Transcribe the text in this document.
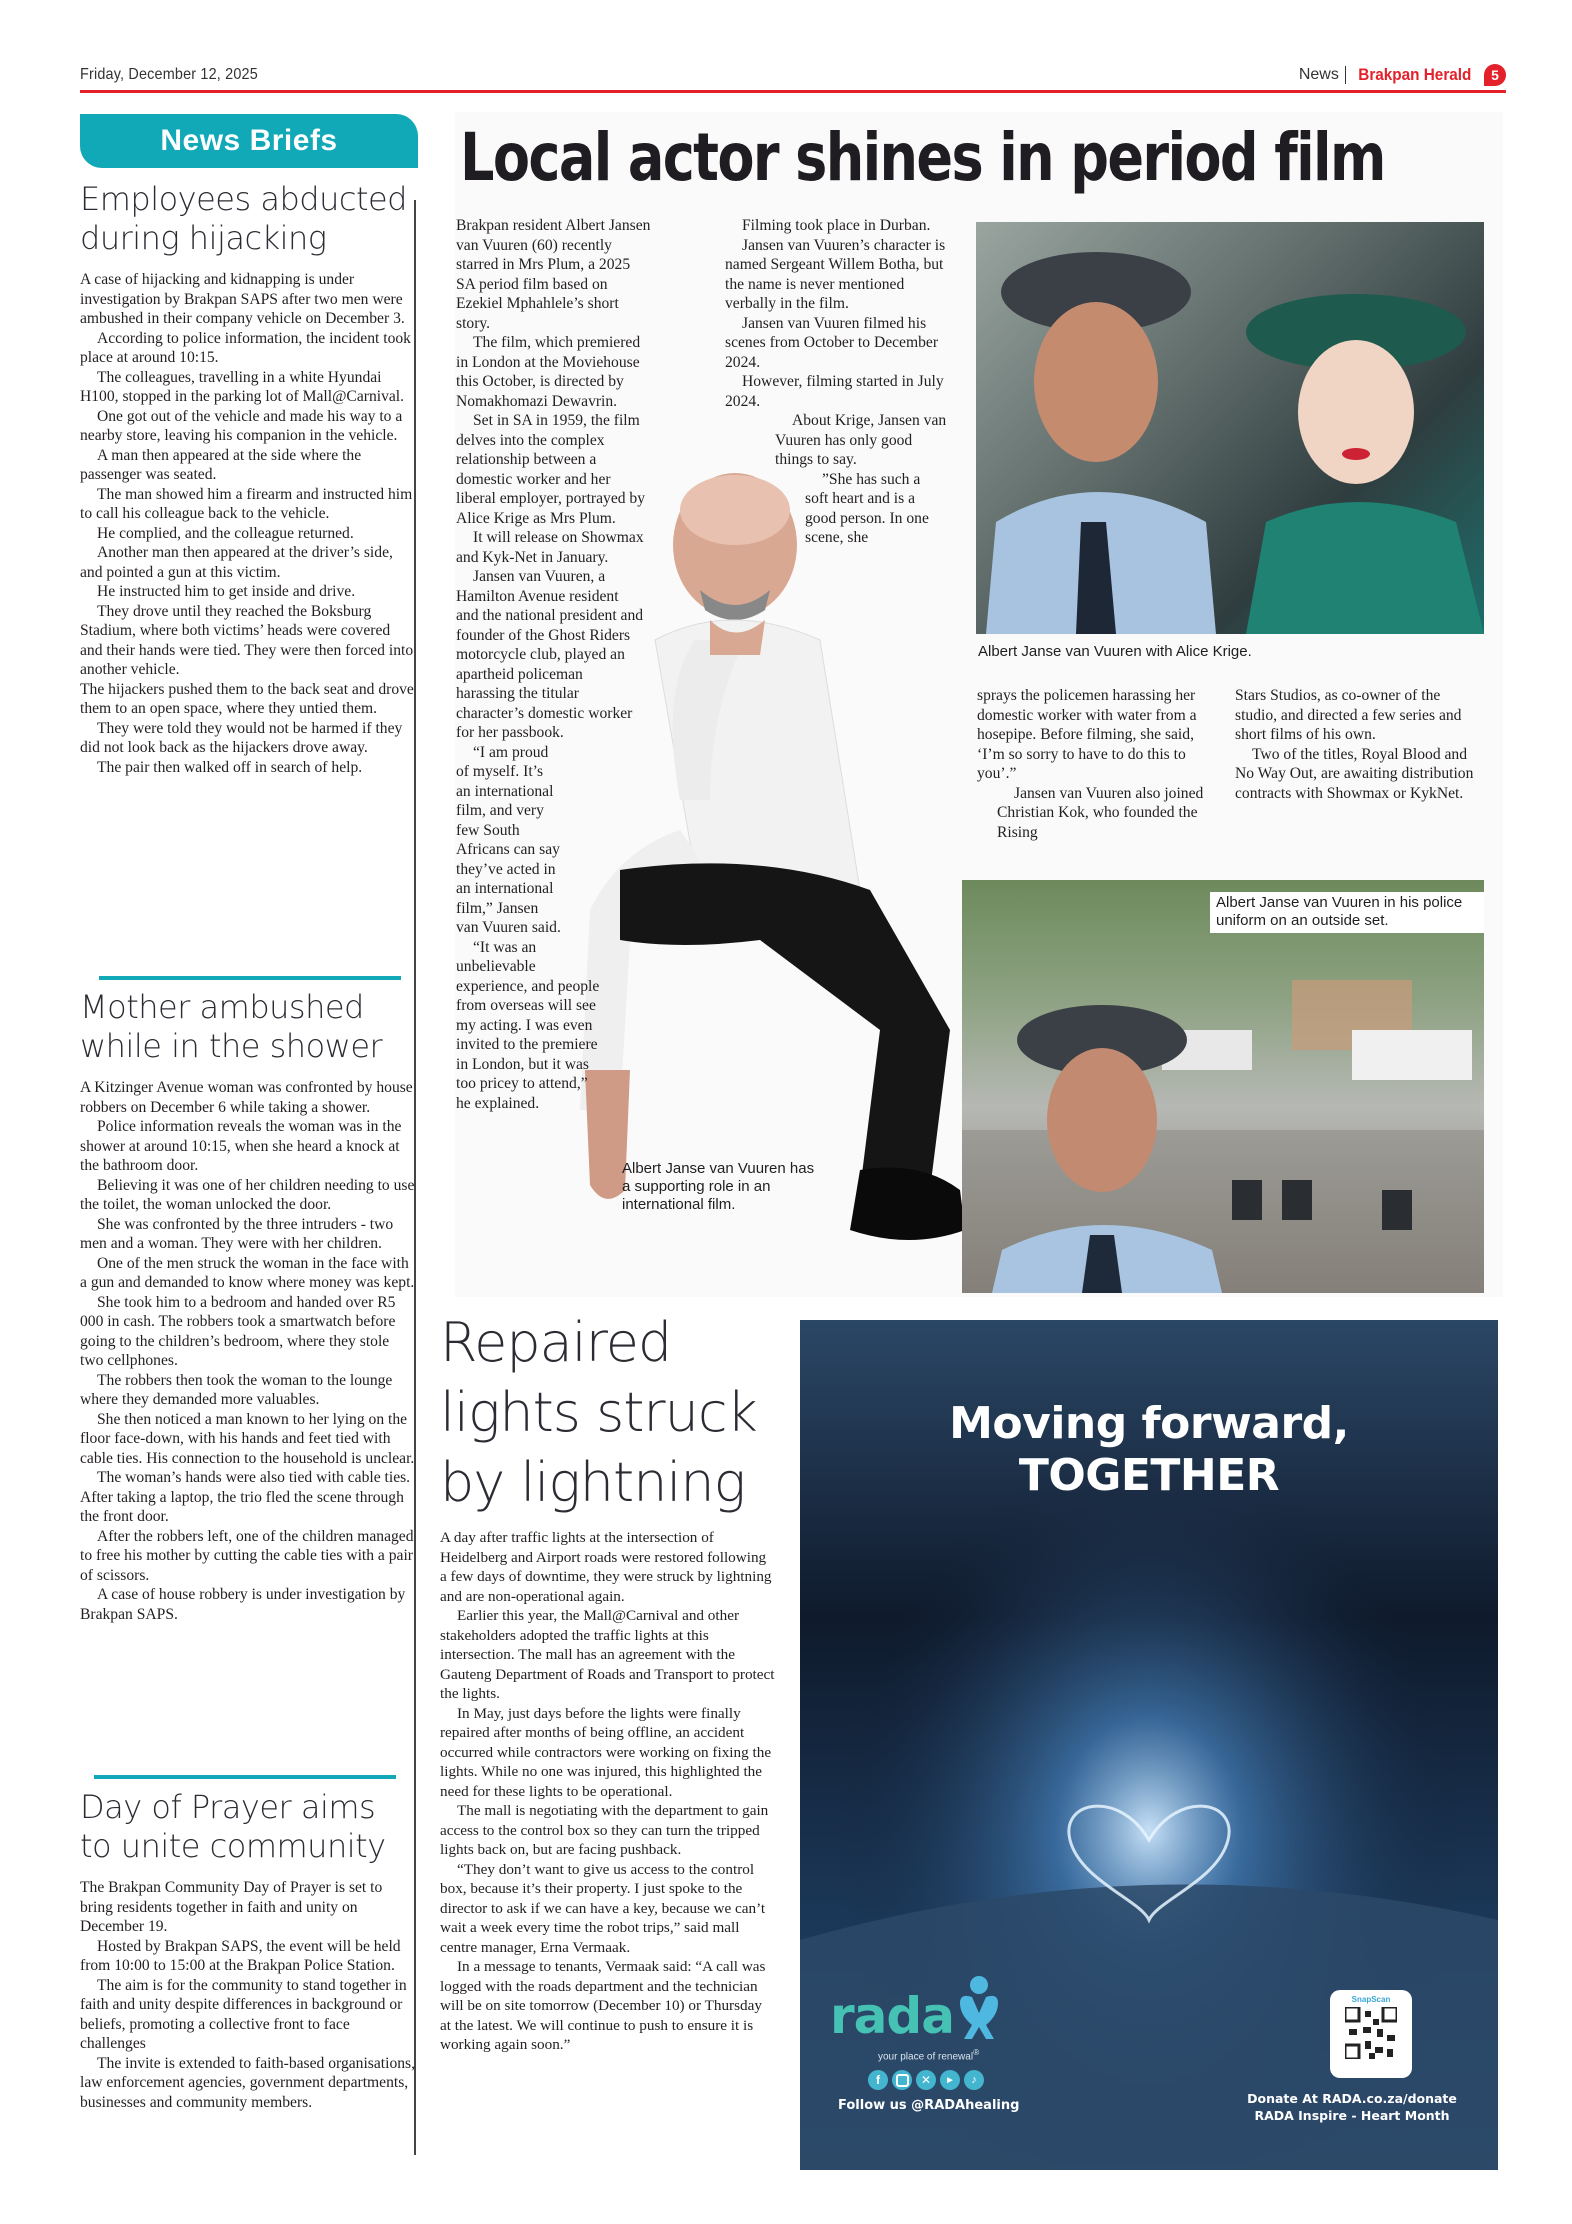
Friday, December 12, 2025	News Brakpan Herald	5
News Briefs
Employees abducted
during hijacking

A case of hijacking and kidnapping is under investigation by Brakpan SAPS after two men were ambushed in their company vehicle on December 3.

According to police information, the incident took place at around 10:15.

The colleagues, travelling in a white Hyundai H100, stopped in the parking lot of Mall@Carnival.

One got out of the vehicle and made his way to a nearby store, leaving his companion in the vehicle.

A man then appeared at the side where the passenger was seated.

The man showed him a firearm and instructed him to call his colleague back to the vehicle.

He complied, and the colleague returned.

Another man then appeared at the driver’s side, and pointed a gun at this victim.

He instructed him to get inside and drive.

They drove until they reached the Boksburg Stadium, where both victims’ heads were covered and their hands were tied. They were then forced into another vehicle.

The hijackers pushed them to the back seat and drove them to an open space, where they untied them.

They were told they would not be harmed if they did not look back as the hijackers drove away.

The pair then walked off in search of help.

Mother ambushed
while in the shower

A Kitzinger Avenue woman was confronted by house robbers on December 6 while taking a shower.

Police information reveals the woman was in the shower at around 10:15, when she heard a knock at the bathroom door.

Believing it was one of her children needing to use the toilet, the woman unlocked the door.

She was confronted by the three intruders - two men and a woman. They were with her children.

One of the men struck the woman in the face with a gun and demanded to know where money was kept.

She took him to a bedroom and handed over R5 000 in cash. The robbers took a smartwatch before going to the children’s bedroom, where they stole two cellphones.

The robbers then took the woman to the lounge where they demanded more valuables.

She then noticed a man known to her lying on the floor face-down, with his hands and feet tied with cable ties. His connection to the household is unclear.

The woman’s hands were also tied with cable ties. After taking a laptop, the trio fled the scene through the front door.

After the robbers left, one of the children managed to free his mother by cutting the cable ties with a pair of scissors.

A case of house robbery is under investigation by Brakpan SAPS.

Day of Prayer aims
to unite community

The Brakpan Community Day of Prayer is set to bring residents together in faith and unity on December 19.

Hosted by Brakpan SAPS, the event will be held from 10:00 to 15:00 at the Brakpan Police Station.

The aim is for the community to stand together in faith and unity despite differences in background or beliefs, promoting a collective front to face challenges

The invite is extended to faith-based organisations, law enforcement agencies, government departments, businesses and community members.

Local actor shines in period film

Brakpan resident Albert Jansen van Vuuren (60) recently starred in Mrs Plum, a 2025 SA period film based on Ezekiel Mphahlele’s short story.

The film, which premiered in London at the Moviehouse this October, is directed by Nomakhomazi Dewavrin.

Set in SA in 1959, the film delves into the complex relationship between a domestic worker and her liberal employer, portrayed by Alice Krige as Mrs Plum.

It will release on Showmax and Kyk-Net in January.

Jansen van Vuuren, a Hamilton Avenue resident and the national president and founder of the Ghost Riders motorcycle club, played an apartheid policeman harassing the titular character’s domestic worker for her passbook.

“I am proud of myself. It’s an international film, and very few South Africans can say they’ve acted in an international film,” Jansen van Vuuren said.

“It was an unbelievable experience, and people from overseas will see my acting. I was even invited to the premiere in London, but it was too pricey to attend,” he explained.

Filming took place in Durban.

Jansen van Vuuren’s character is named Sergeant Willem Botha, but the name is never mentioned verbally in the film.

Jansen van Vuuren filmed his scenes from October to December 2024.

However, filming started in July 2024.

About Krige, Jansen van Vuuren has only good things to say.

”She has such a soft heart and is a good person. In one scene, she

Albert Janse van Vuuren has a supporting role in an international film.
Albert Janse van Vuuren with Alice Krige.

sprays the policemen harassing her domestic worker with water from a hosepipe. Before filming, she said, ‘I’m so sorry to have to do this to you’.”

Jansen van Vuuren also joined Christian Kok, who founded the Rising

Stars Studios, as co-owner of the studio, and directed a few series and short films of his own.

Two of the titles, Royal Blood and No Way Out, are awaiting distribution contracts with Showmax or KykNet.

Albert Janse van Vuuren in his police uniform on an outside set.
Repaired
lights struck
by lightning

A day after traffic lights at the intersection of Heidelberg and Airport roads were restored following a few days of downtime, they were struck by lightning and are non-operational again.

Earlier this year, the Mall@Carnival and other stakeholders adopted the traffic lights at this intersection. The mall has an agreement with the Gauteng Department of Roads and Transport to protect the lights.

In May, just days before the lights were finally repaired after months of being offline, an accident occurred while contractors were working on fixing the lights. While no one was injured, this highlighted the need for these lights to be operational.

The mall is negotiating with the department to gain access to the control box so they can turn the tripped lights back on, but are facing pushback.

“They don’t want to give us access to the control box, because it’s their property. I just spoke to the director to ask if we can have a key, because we can’t wait a week every time the robot trips,” said mall centre manager, Erna Vermaak.

In a message to tenants, Vermaak said: “A call was logged with the roads department and the technician will be on site tomorrow (December 10) or Thursday at the latest. We will continue to push to ensure it is working again soon.”

Moving forward,
TOGETHER
rada
your place of renewal®
f	✕	▶	♪
Follow us @RADAhealing
SnapScan
Donate At RADA.co.za/donate
RADA Inspire - Heart Month
